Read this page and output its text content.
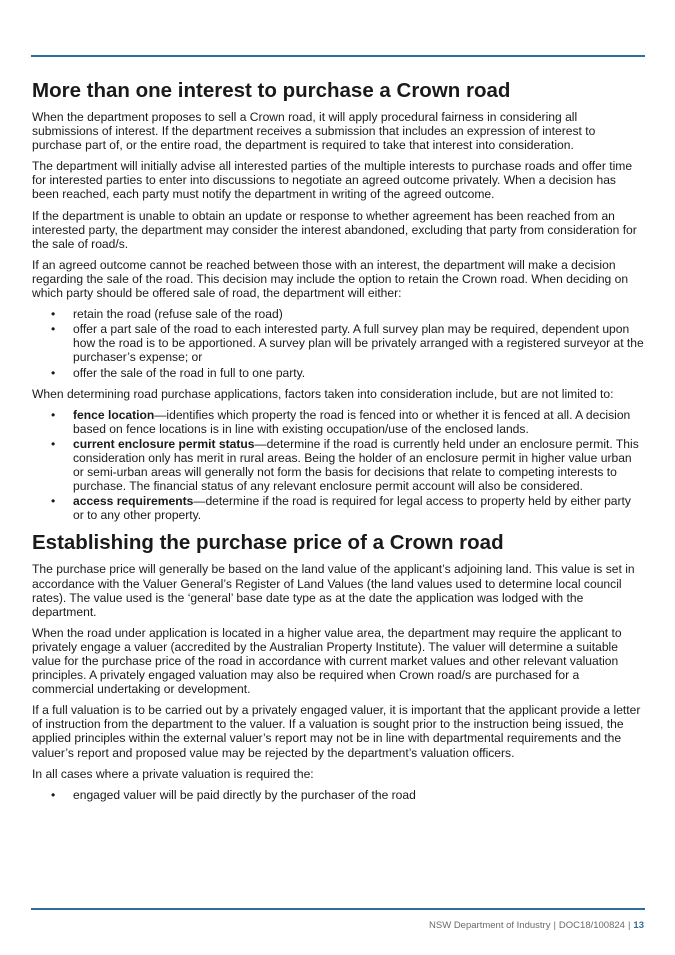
More than one interest to purchase a Crown road

When the department proposes to sell a Crown road, it will apply procedural fairness in considering all submissions of interest. If the department receives a submission that includes an expression of interest to purchase part of, or the entire road, the department is required to take that interest into consideration.

The department will initially advise all interested parties of the multiple interests to purchase roads and offer time for interested parties to enter into discussions to negotiate an agreed outcome privately. When a decision has been reached, each party must notify the department in writing of the agreed outcome.

If the department is unable to obtain an update or response to whether agreement has been reached from an interested party, the department may consider the interest abandoned, excluding that party from consideration for the sale of road/s.

If an agreed outcome cannot be reached between those with an interest, the department will make a decision regarding the sale of the road. This decision may include the option to retain the Crown road. When deciding on which party should be offered sale of road, the department will either:

• retain the road (refuse sale of the road)
• offer a part sale of the road to each interested party. A full survey plan may be required, dependent upon how the road is to be apportioned. A survey plan will be privately arranged with a registered surveyor at the purchaser’s expense; or
• offer the sale of the road in full to one party.

When determining road purchase applications, factors taken into consideration include, but are not limited to:

• fence location—identifies which property the road is fenced into or whether it is fenced at all. A decision based on fence locations is in line with existing occupation/use of the enclosed lands.
• current enclosure permit status—determine if the road is currently held under an enclosure permit. This consideration only has merit in rural areas. Being the holder of an enclosure permit in higher value urban or semi-urban areas will generally not form the basis for decisions that relate to competing interests to purchase. The financial status of any relevant enclosure permit account will also be considered.
• access requirements—determine if the road is required for legal access to property held by either party or to any other property.
Establishing the purchase price of a Crown road

The purchase price will generally be based on the land value of the applicant’s adjoining land. This value is set in accordance with the Valuer General’s Register of Land Values (the land values used to determine local council rates). The value used is the ‘general’ base date type as at the date the application was lodged with the department.

When the road under application is located in a higher value area, the department may require the applicant to privately engage a valuer (accredited by the Australian Property Institute). The valuer will determine a suitable value for the purchase price of the road in accordance with current market values and other relevant valuation principles. A privately engaged valuation may also be required when Crown road/s are purchased for a commercial undertaking or development.

If a full valuation is to be carried out by a privately engaged valuer, it is important that the applicant provide a letter of instruction from the department to the valuer. If a valuation is sought prior to the instruction being issued, the applied principles within the external valuer’s report may not be in line with departmental requirements and the valuer’s report and proposed value may be rejected by the department’s valuation officers.

In all cases where a private valuation is required the:

• engaged valuer will be paid directly by the purchaser of the road
NSW Department of Industry | DOC18/100824 | 13
